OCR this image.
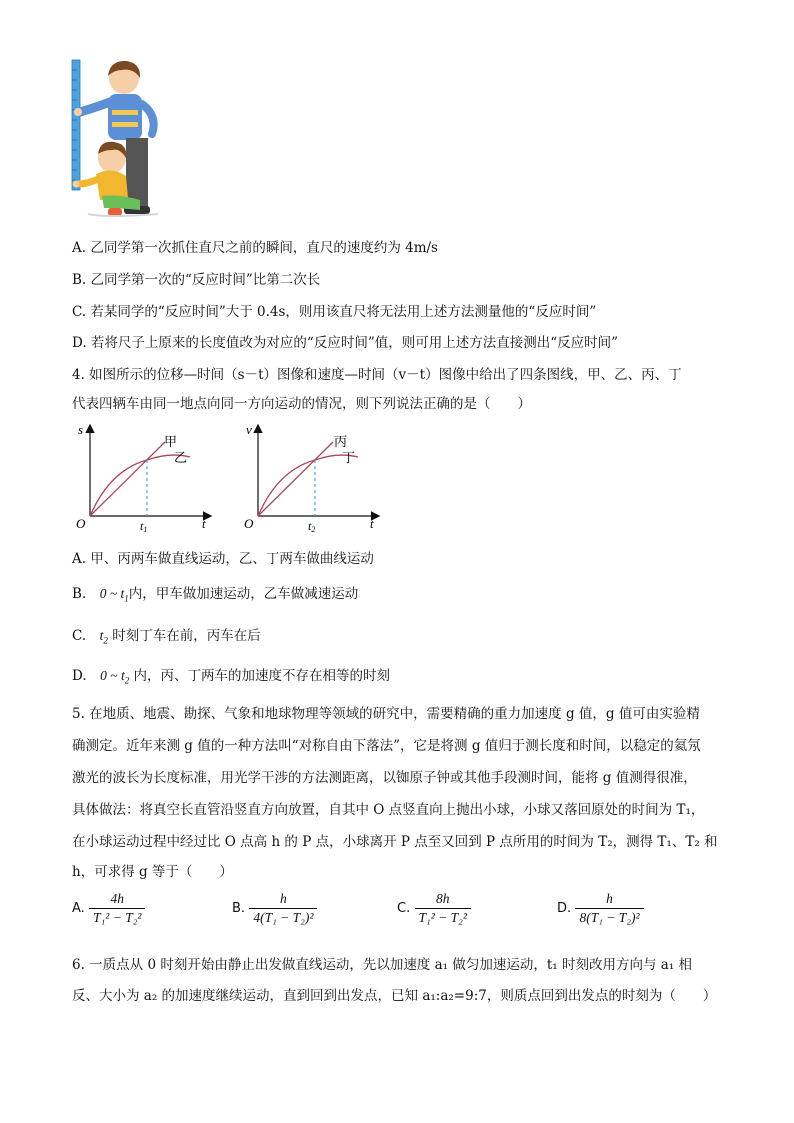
A. 乙同学第一次抓住直尺之前的瞬间，直尺的速度约为 4m/s
B. 乙同学第一次的“反应时间”比第二次长
C. 若某同学的“反应时间”大于 0.4s，则用该直尺将无法用上述方法测量他的“反应时间”
D. 若将尺子上原来的长度值改为对应的“反应时间”值，则可用上述方法直接测出“反应时间”
4. 如图所示的位移—时间（s－t）图像和速度—时间（v－t）图像中给出了四条图线，甲、乙、丙、丁
代表四辆车由同一地点向同一方向运动的情况，则下列说法正确的是（　　）
s
t
O	t1
甲
乙
v
t
O	t2
丙
丁
A. 甲、丙两车做直线运动，乙、丁两车做曲线运动
B.　0 ~ $t_1$内，甲车做加速运动，乙车做减速运动
C.　$t_2$ 时刻丁车在前，丙车在后
D.　0 ~ $t_2$ 内，丙、丁两车的加速度不存在相等的时刻
5. 在地质、地震、勘探、气象和地球物理等领域的研究中，需要精确的重力加速度 g 值，g 值可由实验精
确测定。近年来测 g 值的一种方法叫“对称自由下落法”，它是将测 g 值归于测长度和时间，以稳定的氦氖
激光的波长为长度标准，用光学干涉的方法测距离，以铷原子钟或其他手段测时间，能将 g 值测得很准，
具体做法：将真空长直管沿竖直方向放置，自其中 O 点竖直向上抛出小球，小球又落回原处的时间为 T₁，
在小球运动过程中经过比 O 点高 h 的 P 点，小球离开 P 点至又回到 P 点所用的时间为 T₂，测得 T₁、T₂ 和
h，可求得 g 等于（　　）
A. $\frac{4h}{\text{T₁² − T₂²}}$	B. $\frac{h}{\text{4(T₁ − T₂)²}}$	C. $\frac{8h}{\text{T₁² − T₂²}}$	D. $\frac{h}{\text{8(T₁ − T₂)²}}$
6. 一质点从 0 时刻开始由静止出发做直线运动，先以加速度 a₁ 做匀加速运动，t₁ 时刻改用方向与 a₁ 相
反、大小为 a₂ 的加速度继续运动，直到回到出发点，已知 a₁:a₂=9:7，则质点回到出发点的时刻为（　　）
